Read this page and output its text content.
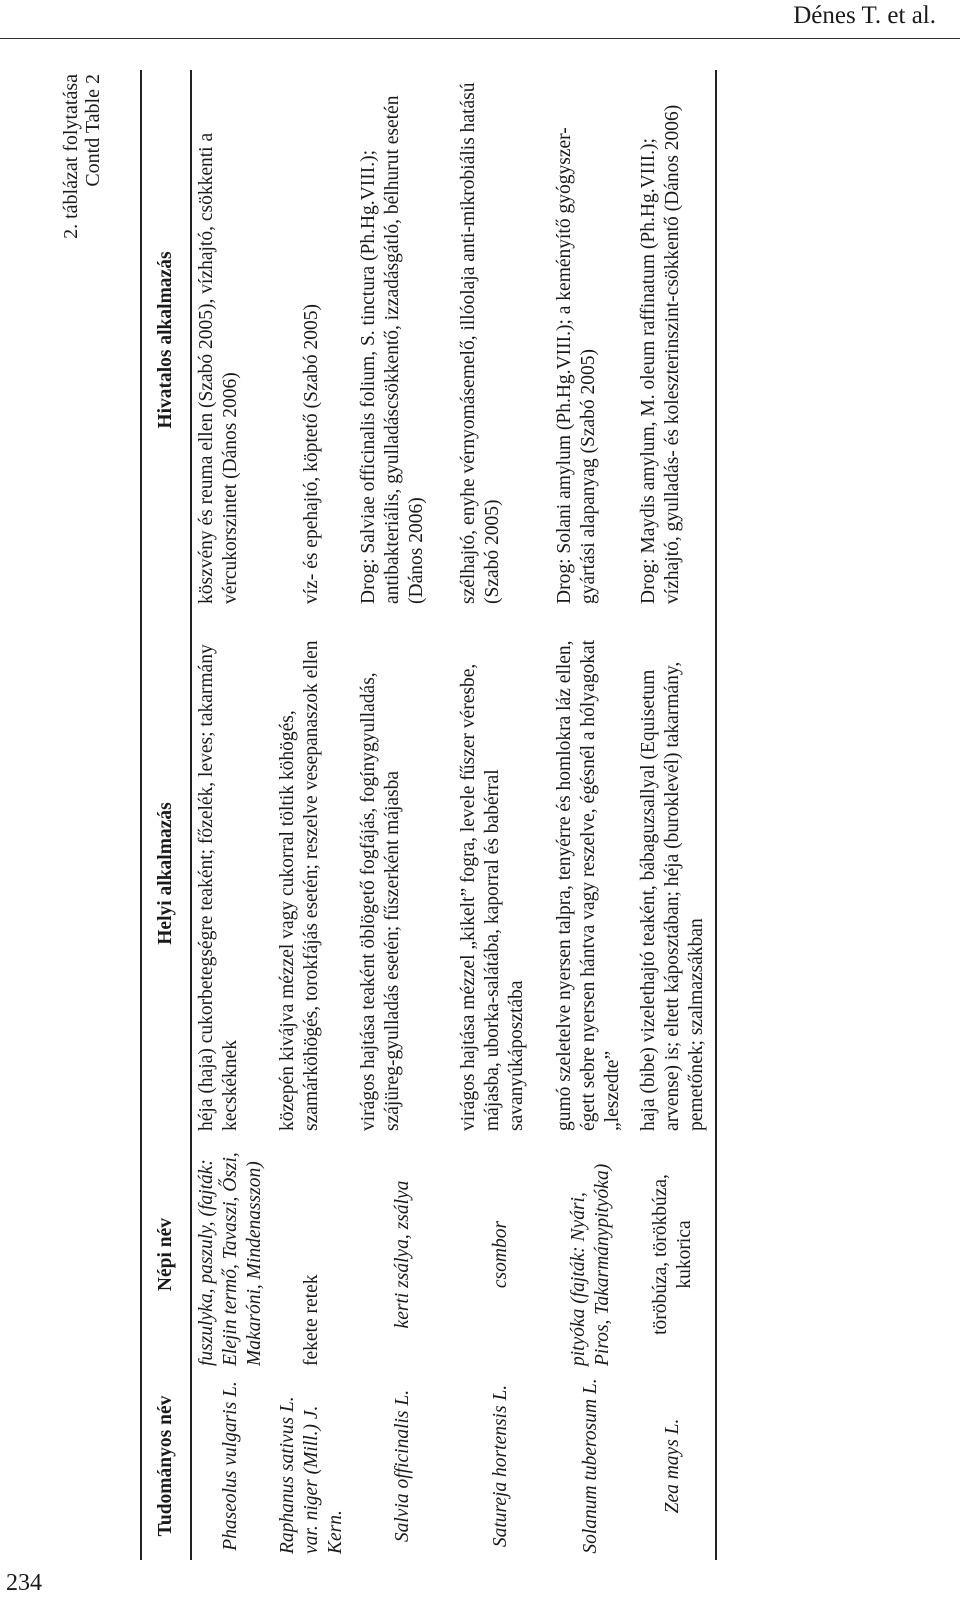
Dénes T. et al.
234
2. táblázat folytatása Contd Table 2
Tudományos név	Népi név	Helyi alkalmazás	Hivatalos alkalmazás
Phaseolus vulgaris L.	fuszulyka, paszuly, (fajták: Elejin termő, Tavaszi, Őszi, Makaróni, Mindenasszon)	héja (haja) cukorbetegségre teaként; főzelék, leves; takarmány kecskéknek	köszvény és reuma ellen (Szabó 2005), vízhajtó, csökkenti a vércukorszintet (Dános 2006)
Raphanus sativus L. var. niger (Mill.) J. Kern.	fekete retek	közepén kivájva mézzel vagy cukorral töltik köhögés, szamárköhögés, torokfájás esetén; reszelve vesepanaszok ellen	víz- és epehajtó, köptető (Szabó 2005)
Salvia officinalis L.	kerti zsálya, zsálya	virágos hajtása teaként öblögető fogfájás, fogínygyulladás, szájüreg-gyulladás esetén; fűszerként májasba	Drog: Salviae officinalis folium, S. tinctura (Ph.Hg.VIII.); antibakteriális, gyulladáscsökkentő, izzadásgátló, bélhurut esetén (Dános 2006)
Satureja hortensis L.	csombor	virágos hajtása mézzel „kikelt” fogra, levele fűszer véresbe, májasba, uborka-salátába, kaporral és babérral savanyúkáposztába	szélhajtó, enyhe vérnyomásemelő, illóolaja anti-mikrobiális hatású (Szabó 2005)
Solanum tuberosum L.	pityóka (fajták: Nyári, Piros, Takarmánypityóka)	gumó szeletelve nyersen talpra, tenyérre és homlokra láz ellen, égett sebre nyersen hántva vagy reszelve, égésnél a hólyagokat „leszedte”	Drog: Solani amylum (Ph.Hg.VIII.); a keményítő gyógyszer-gyártási alapanyag (Szabó 2005)
Zea mays L.	töröbúza, törökbúza, kukorica	haja (bibe) vizelethajtó teaként, bábaguzsallyal (Equisetum arvense) is; eltett káposztában; héja (buroklevél) takarmány, pemetőnek; szalmazsákban	Drog: Maydis amylum, M. oleum raffinatum (Ph.Hg.VIII.); vízhajtó, gyulladás- és koleszterinszint-csökkentő (Dános 2006)
